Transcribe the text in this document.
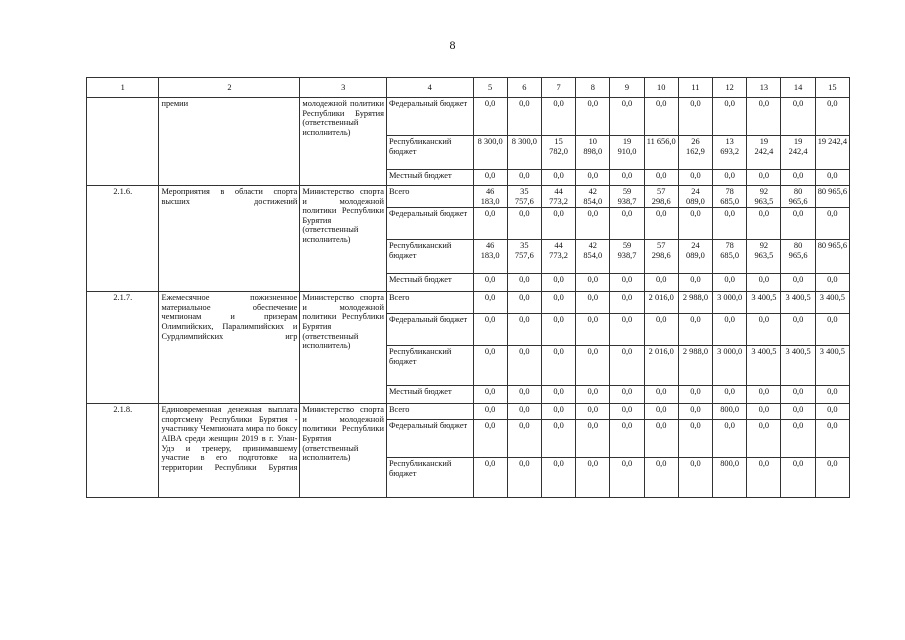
8
1	2	3	4	5	6	7	8	9	10	11	12	13	14	15
	премии	молодежной политики Республики Бурятия (ответственный исполнитель)	Федеральный бюджет	0,0	0,0	0,0	0,0	0,0	0,0	0,0	0,0	0,0	0,0	0,0
			Республиканский бюджет	8 300,0	8 300,0	15 782,0	10 898,0	19 910,0	11 656,0	26 162,9	13 693,2	19 242,4	19 242,4	19 242,4
			Местный бюджет	0,0	0,0	0,0	0,0	0,0	0,0	0,0	0,0	0,0	0,0	0,0
2.1.6.	Мероприятия в области спорта высших достижений	Министерство спорта и молодежной политики Республики Бурятия (ответственный исполнитель)	Всего	46 183,0	35 757,6	44 773,2	42 854,0	59 938,7	57 298,6	24 089,0	78 685,0	92 963,5	80 965,6	80 965,6
			Федеральный бюджет	0,0	0,0	0,0	0,0	0,0	0,0	0,0	0,0	0,0	0,0	0,0
			Республиканский бюджет	46 183,0	35 757,6	44 773,2	42 854,0	59 938,7	57 298,6	24 089,0	78 685,0	92 963,5	80 965,6	80 965,6
			Местный бюджет	0,0	0,0	0,0	0,0	0,0	0,0	0,0	0,0	0,0	0,0	0,0
2.1.7.	Ежемесячное пожизненное материальное обеспечение чемпионам и призерам Олимпийских, Паралимпийских и Сурдлимпийских игр	Министерство спорта и молодежной политики Республики Бурятия (ответственный исполнитель)	Всего	0,0	0,0	0,0	0,0	0,0	2 016,0	2 988,0	3 000,0	3 400,5	3 400,5	3 400,5
			Федеральный бюджет	0,0	0,0	0,0	0,0	0,0	0,0	0,0	0,0	0,0	0,0	0,0
			Республиканский бюджет	0,0	0,0	0,0	0,0	0,0	2 016,0	2 988,0	3 000,0	3 400,5	3 400,5	3 400,5
			Местный бюджет	0,0	0,0	0,0	0,0	0,0	0,0	0,0	0,0	0,0	0,0	0,0
2.1.8.	Единовременная денежная выплата спортсмену Республики Бурятия - участнику Чемпионата мира по боксу AIBA среди женщин 2019 в г. Улан-Удэ и тренеру, принимавшему участие в его подготовке на территории Республики Бурятия	Министерство спорта и молодежной политики Республики Бурятия (ответственный исполнитель)	Всего	0,0	0,0	0,0	0,0	0,0	0,0	0,0	800,0	0,0	0,0	0,0
			Федеральный бюджет	0,0	0,0	0,0	0,0	0,0	0,0	0,0	0,0	0,0	0,0	0,0
			Республиканский бюджет	0,0	0,0	0,0	0,0	0,0	0,0	0,0	800,0	0,0	0,0	0,0
